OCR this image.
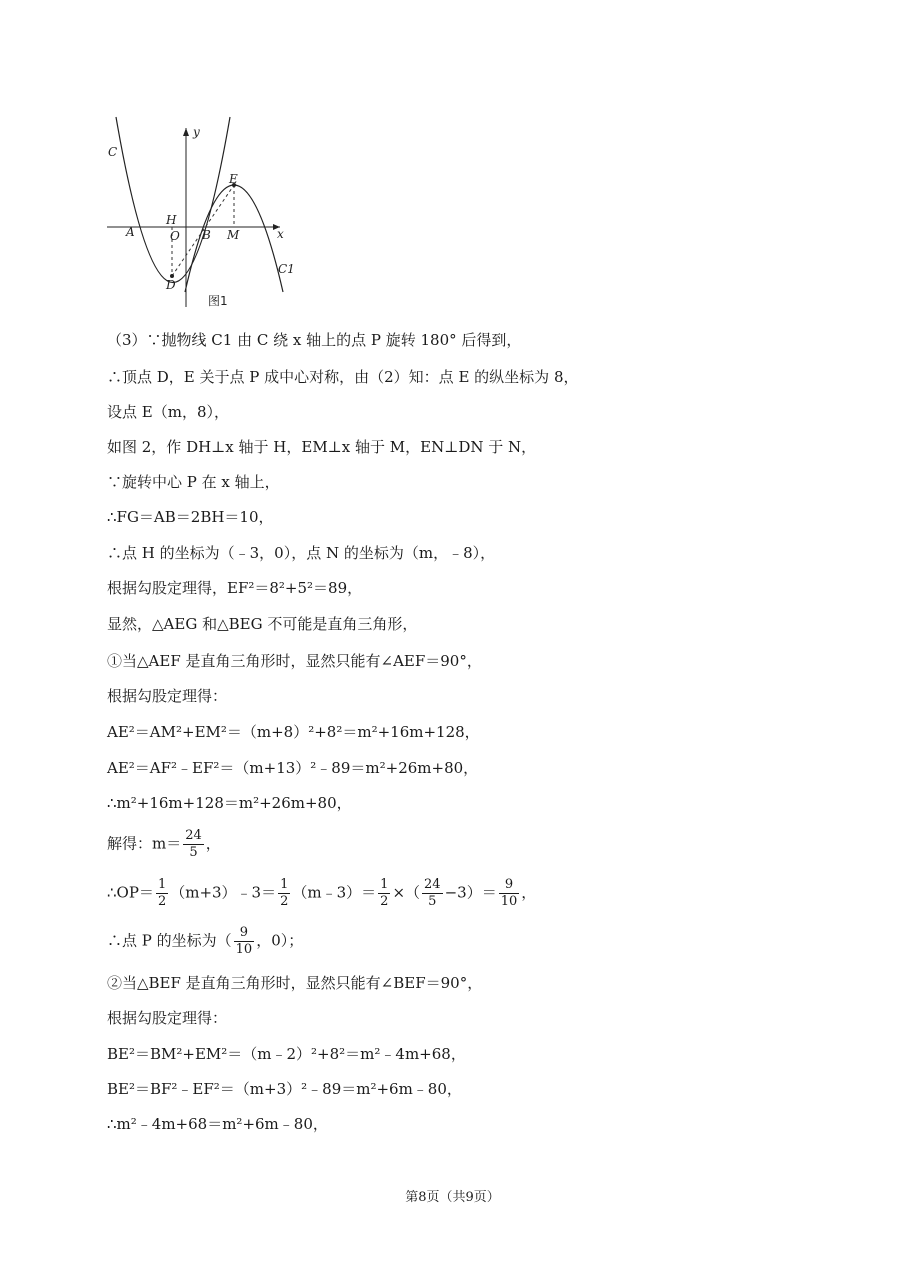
y
x
C
E
H
A	O B M
C1
D
图1
（3）∵抛物线 C1 由 C 绕 x 轴上的点 P 旋转 180° 后得到，
∴顶点 D，E 关于点 P 成中心对称，由（2）知：点 E 的纵坐标为 8，
设点 E（m，8），
如图 2，作 DH⊥x 轴于 H，EM⊥x 轴于 M，EN⊥DN 于 N，
∵旋转中心 P 在 x 轴上，
∴FG＝AB＝2BH＝10，
∴点 H 的坐标为（﹣3，0），点 N 的坐标为（m，﹣8），
根据勾股定理得，EF²＝8²+5²＝89，
显然，△AEG 和△BEG 不可能是直角三角形，
①当△AEF 是直角三角形时，显然只能有∠AEF＝90°，
根据勾股定理得：
AE²＝AM²+EM²＝（m+8）²+8²＝m²+16m+128，
AE²＝AF²﹣EF²＝（m+13）²﹣89＝m²+26m+80，
∴m²+16m+128＝m²+26m+80，
解得：$m= \frac{24}{5}$ ，
∴OP＝ $\frac{1}{2}$ （m+3）﹣3＝ $\frac{1}{2}$ （m﹣3）＝ $\frac{1}{2}$ ×（ $\frac{24}{5} -3)= \frac{9}{10}$ ，
∴点 P 的坐标为（ $\frac{9}{10}$ ，0）；
②当△BEF 是直角三角形时，显然只能有∠BEF＝90°，
根据勾股定理得：
BE²＝BM²+EM²＝（m﹣2）²+8²＝m²﹣4m+68，
BE²＝BF²﹣EF²＝（m+3）²﹣89＝m²+6m﹣80，
∴m²﹣4m+68＝m²+6m﹣80，
第8页（共9页）
